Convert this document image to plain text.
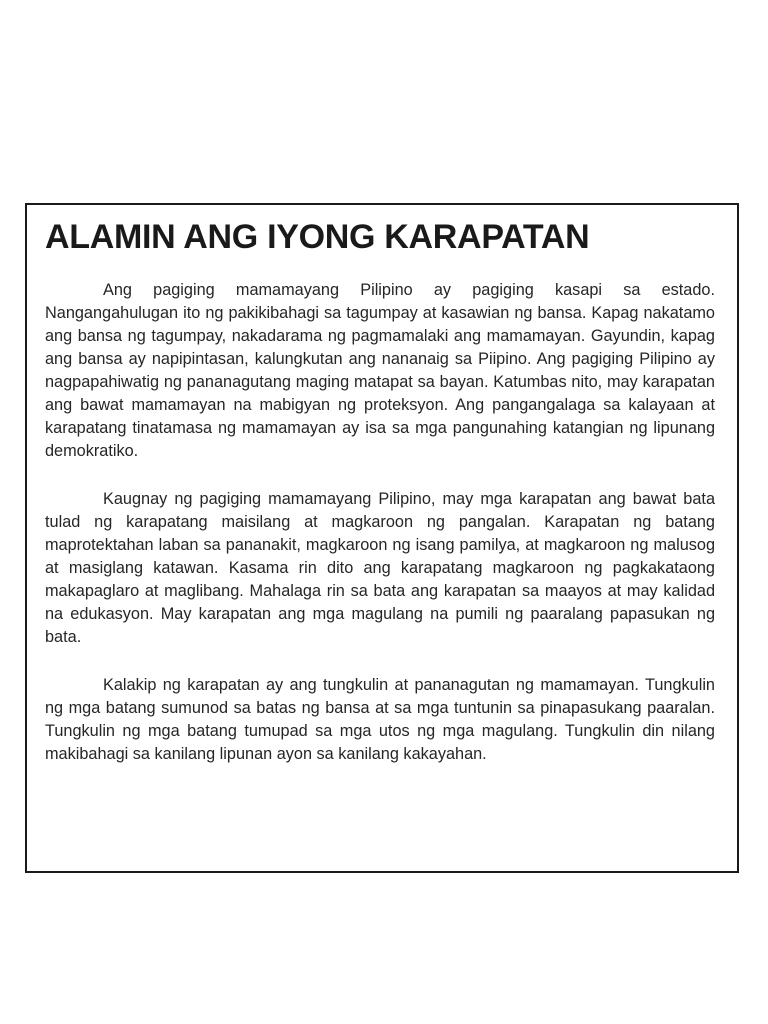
ALAMIN ANG IYONG KARAPATAN

Ang pagiging mamamayang Pilipino ay pagiging kasapi sa estado. Nangangahulugan ito ng pakikibahagi sa tagumpay at kasawian ng bansa. Kapag nakatamo ang bansa ng tagumpay, nakadarama ng pagmamalaki ang mamamayan. Gayundin, kapag ang bansa ay napipintasan, kalungkutan ang nananaig sa Piipino. Ang pagiging Pilipino ay nagpapahiwatig ng pananagutang maging matapat sa bayan. Katumbas nito, may karapatan ang bawat mamamayan na mabigyan ng proteksyon. Ang pangangalaga sa kalayaan at karapatang tinatamasa ng mamamayan ay isa sa mga pangunahing katangian ng lipunang demokratiko.

Kaugnay ng pagiging mamamayang Pilipino, may mga karapatan ang bawat bata tulad ng karapatang maisilang at magkaroon ng pangalan. Karapatan ng batang maprotektahan laban sa pananakit, magkaroon ng isang pamilya, at magkaroon ng malusog at masiglang katawan. Kasama rin dito ang karapatang magkaroon ng pagkakataong makapaglaro at maglibang. Mahalaga rin sa bata ang karapatan sa maayos at may kalidad na edukasyon. May karapatan ang mga magulang na pumili ng paaralang papasukan ng bata.

Kalakip ng karapatan ay ang tungkulin at pananagutan ng mamamayan. Tungkulin ng mga batang sumunod sa batas ng bansa at sa mga tuntunin sa pinapasukang paaralan. Tungkulin ng mga batang tumupad sa mga utos ng mga magulang. Tungkulin din nilang makibahagi sa kanilang lipunan ayon sa kanilang kakayahan.
